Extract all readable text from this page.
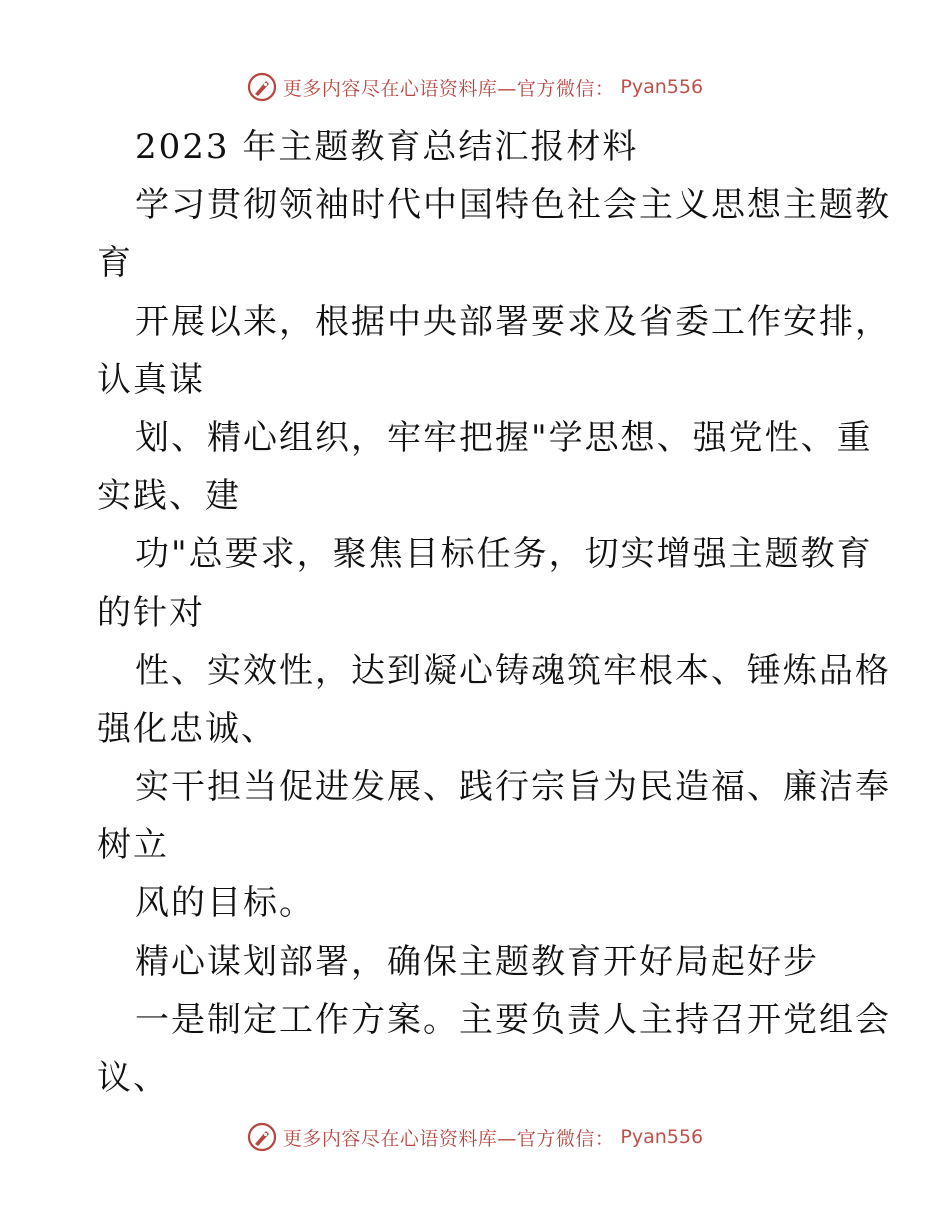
更多内容尽在心语资料库—官方微信： Pyan556
2023 年主题教育总结汇报材料
学习贯彻领袖时代中国特色社会主义思想主题教
育
开展以来，根据中央部署要求及省委工作安排，
认真谋
划、精心组织，牢牢把握"学思想、强党性、重
实践、建
功"总要求，聚焦目标任务，切实增强主题教育
的针对
性、实效性，达到凝心铸魂筑牢根本、锤炼品格
强化忠诚、
实干担当促进发展、践行宗旨为民造福、廉洁奉
树立
风的目标。
精心谋划部署，确保主题教育开好局起好步
一是制定工作方案。主要负责人主持召开党组会
议、
更多内容尽在心语资料库—官方微信： Pyan556
